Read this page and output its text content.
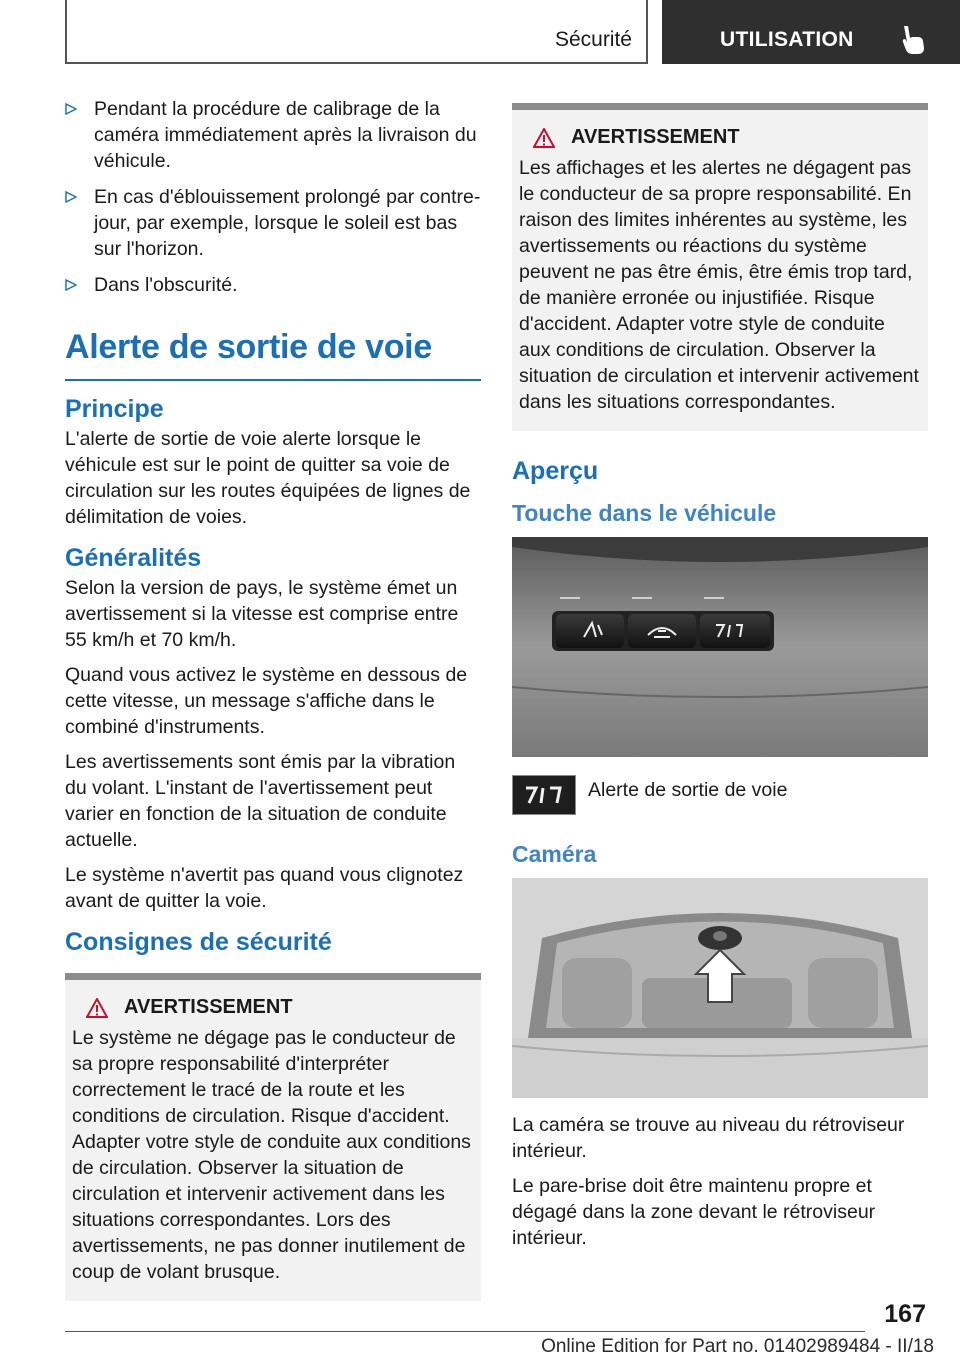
Sécurité	UTILISATION

Pendant la procédure de calibrage de la caméra immédiatement après la livraison du véhicule.

En cas d'éblouissement prolongé par contre-jour, par exemple, lorsque le soleil est bas sur l'horizon.

Dans l'obscurité.

Alerte de sortie de voie
Principe

L'alerte de sortie de voie alerte lorsque le véhicule est sur le point de quitter sa voie de circulation sur les routes équipées de lignes de délimitation de voies.

Généralités

Selon la version de pays, le système émet un avertissement si la vitesse est comprise entre 55 km/h et 70 km/h.

Quand vous activez le système en dessous de cette vitesse, un message s'affiche dans le combiné d'instruments.

Les avertissements sont émis par la vibration du volant. L'instant de l'avertissement peut varier en fonction de la situation de conduite actuelle.

Le système n'avertit pas quand vous clignotez avant de quitter la voie.

Consignes de sécurité
AVERTISSEMENT

Le système ne dégage pas le conducteur de sa propre responsabilité d'interpréter correctement le tracé de la route et les conditions de circulation. Risque d'accident. Adapter votre style de conduite aux conditions de circulation. Observer la situation de circulation et intervenir activement dans les situations correspondantes. Lors des avertissements, ne pas donner inutilement de coup de volant brusque.

AVERTISSEMENT

Les affichages et les alertes ne dégagent pas le conducteur de sa propre responsabilité. En raison des limites inhérentes au système, les avertissements ou réactions du système peuvent ne pas être émis, être émis trop tard, de manière erronée ou injustifiée. Risque d'accident. Adapter votre style de conduite aux conditions de circulation. Observer la situation de circulation et intervenir activement dans les situations correspondantes.

Aperçu
Touche dans le véhicule
Alerte de sortie de voie
Caméra

La caméra se trouve au niveau du rétroviseur intérieur.

Le pare-brise doit être maintenu propre et dégagé dans la zone devant le rétroviseur intérieur.

167
Online Edition for Part no. 01402989484 - II/18
